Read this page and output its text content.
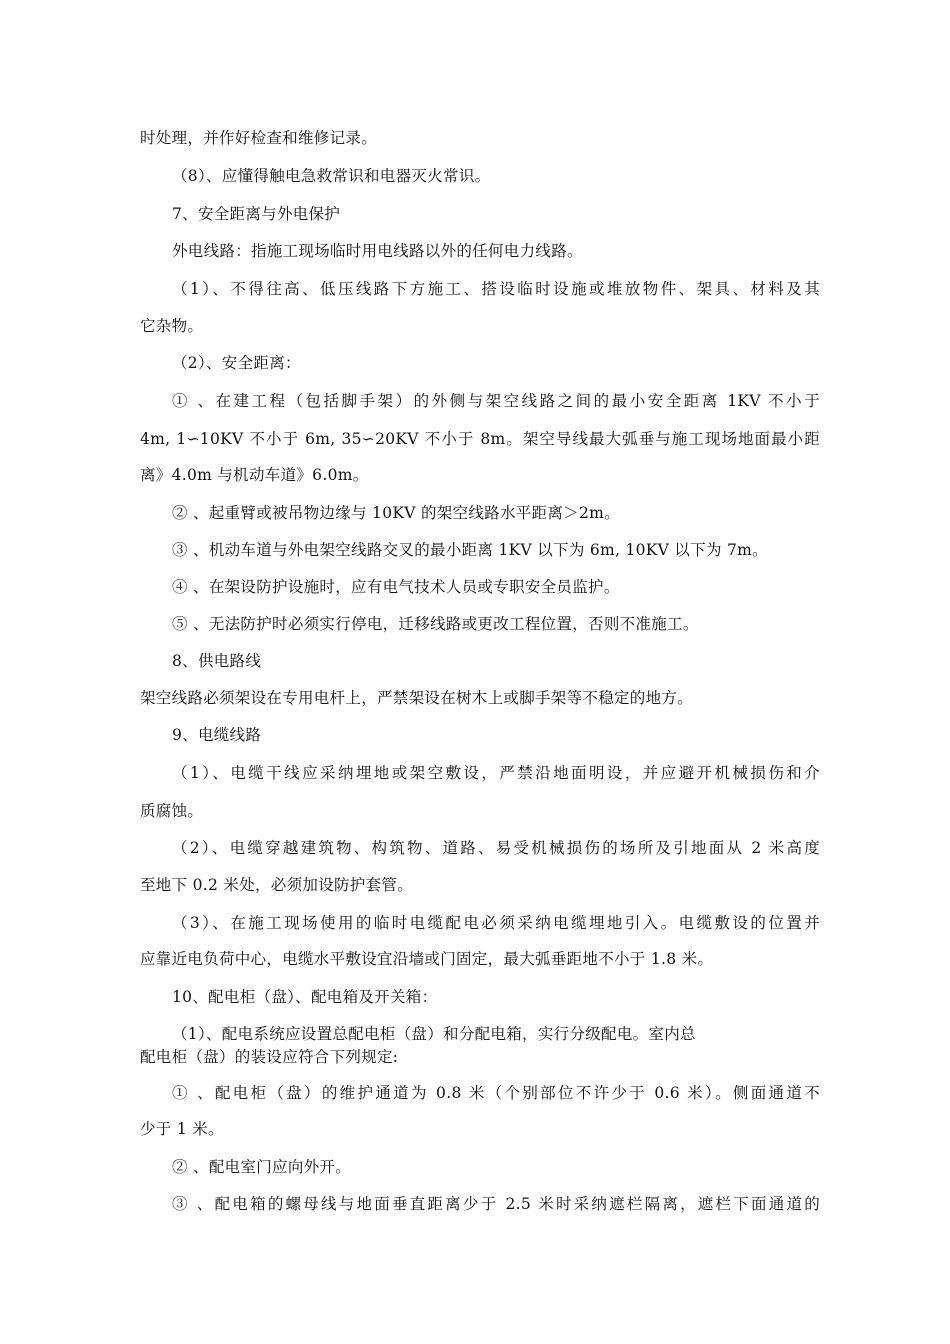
时处理，并作好检查和维修记录。
（8）、应懂得触电急救常识和电器灭火常识。
7、安全距离与外电保护
外电线路：指施工现场临时用电线路以外的任何电力线路。
（1）、不得往高、低压线路下方施工、搭设临时设施或堆放物件、架具、材料及其
它杂物。
（2）、安全距离：
① 、在建工程（包括脚手架）的外侧与架空线路之间的最小安全距离 1KV 不小于
4m, 1∽10KV 不小于 6m, 35∽20KV 不小于 8m。架空导线最大弧垂与施工现场地面最小距
离》4.0m 与机动车道》6.0m。
② 、起重臂或被吊物边缘与 10KV 的架空线路水平距离＞2m。
③ 、机动车道与外电架空线路交叉的最小距离 1KV 以下为 6m, 10KV 以下为 7m。
④ 、在架设防护设施时，应有电气技术人员或专职安全员监护。
⑤ 、无法防护时必须实行停电，迁移线路或更改工程位置，否则不准施工。
8、供电路线
架空线路必须架设在专用电杆上，严禁架设在树木上或脚手架等不稳定的地方。
9、电缆线路
（1）、电缆干线应采纳埋地或架空敷设，严禁沿地面明设，并应避开机械损伤和介
质腐蚀。
（2）、电缆穿越建筑物、构筑物、道路、易受机械损伤的场所及引地面从 2 米高度
至地下 0.2 米处，必须加设防护套管。
（3）、在施工现场使用的临时电缆配电必须采纳电缆埋地引入。电缆敷设的位置并
应靠近电负荷中心，电缆水平敷设宜沿墙或门固定，最大弧垂距地不小于 1.8 米。
10、配电柜（盘）、配电箱及开关箱：
（1）、配电系统应设置总配电柜（盘）和分配电箱，实行分级配电。室内总
配电柜（盘）的装设应符合下列规定:
① 、配电柜（盘）的维护通道为 0.8 米（个别部位不许少于 0.6 米）。侧面通道不
少于 1 米。
② 、配电室门应向外开。
③ 、配电箱的螺母线与地面垂直距离少于 2.5 米时采纳遮栏隔离，遮栏下面通道的
